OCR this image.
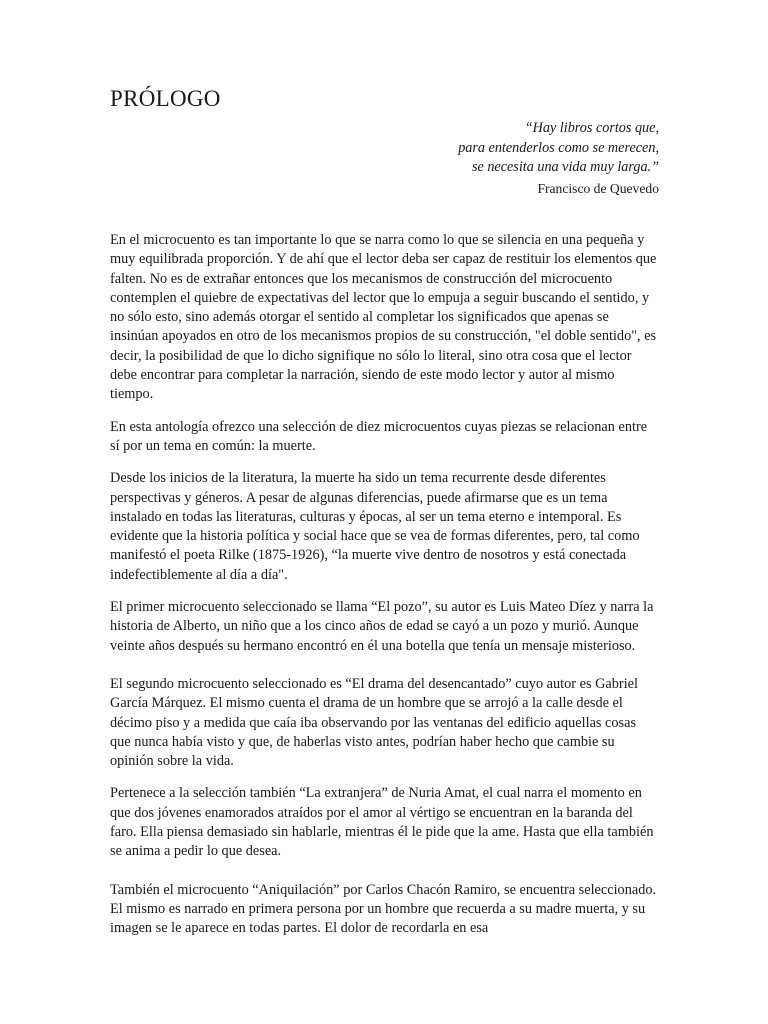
PRÓLOGO
“Hay libros cortos que,
para entenderlos como se merecen,
se necesita una vida muy larga.”
Francisco de Quevedo

En el microcuento es tan importante lo que se narra como lo que se silencia en una pequeña y muy equilibrada proporción. Y de ahí que el lector deba ser capaz de restituir los elementos que falten. No es de extrañar entonces que los mecanismos de construcción del microcuento contemplen el quiebre de expectativas del lector que lo empuja a seguir buscando el sentido, y no sólo esto, sino además otorgar el sentido al completar los significados que apenas se insinúan apoyados en otro de los mecanismos propios de su construcción, "el doble sentido", es decir, la posibilidad de que lo dicho signifique no sólo lo literal, sino otra cosa que el lector debe encontrar para completar la narración, siendo de este modo lector y autor al mismo tiempo.

En esta antología ofrezco una selección de diez microcuentos cuyas piezas se relacionan entre sí por un tema en común: la muerte.

Desde los inicios de la literatura, la muerte ha sido un tema recurrente desde diferentes perspectivas y géneros. A pesar de algunas diferencias, puede afirmarse que es un tema instalado en todas las literaturas, culturas y épocas, al ser un tema eterno e intemporal. Es evidente que la historia política y social hace que se vea de formas diferentes, pero, tal como manifestó el poeta Rilke (1875-1926), “la muerte vive dentro de nosotros y está conectada indefectiblemente al día a día".

El primer microcuento seleccionado se llama “El pozo”, su autor es Luis Mateo Díez y narra la historia de Alberto, un niño que a los cinco años de edad se cayó a un pozo y murió. Aunque veinte años después su hermano encontró en él una botella que tenía un mensaje misterioso.

El segundo microcuento seleccionado es “El drama del desencantado” cuyo autor es Gabriel García Márquez. El mismo cuenta el drama de un hombre que se arrojó a la calle desde el décimo piso y a medida que caía iba observando por las ventanas del edificio aquellas cosas que nunca había visto y que, de haberlas visto antes, podrían haber hecho que cambie su opinión sobre la vida.

Pertenece a la selección también “La extranjera” de Nuria Amat, el cual narra el momento en que dos jóvenes enamorados atraídos por el amor al vértigo se encuentran en la baranda del faro. Ella piensa demasiado sin hablarle, mientras él le pide que la ame. Hasta que ella también se anima a pedir lo que desea.

También el microcuento “Aniquilación” por Carlos Chacón Ramiro, se encuentra seleccionado. El mismo es narrado en primera persona por un hombre que recuerda a su madre muerta, y su imagen se le aparece en todas partes. El dolor de recordarla en esa
